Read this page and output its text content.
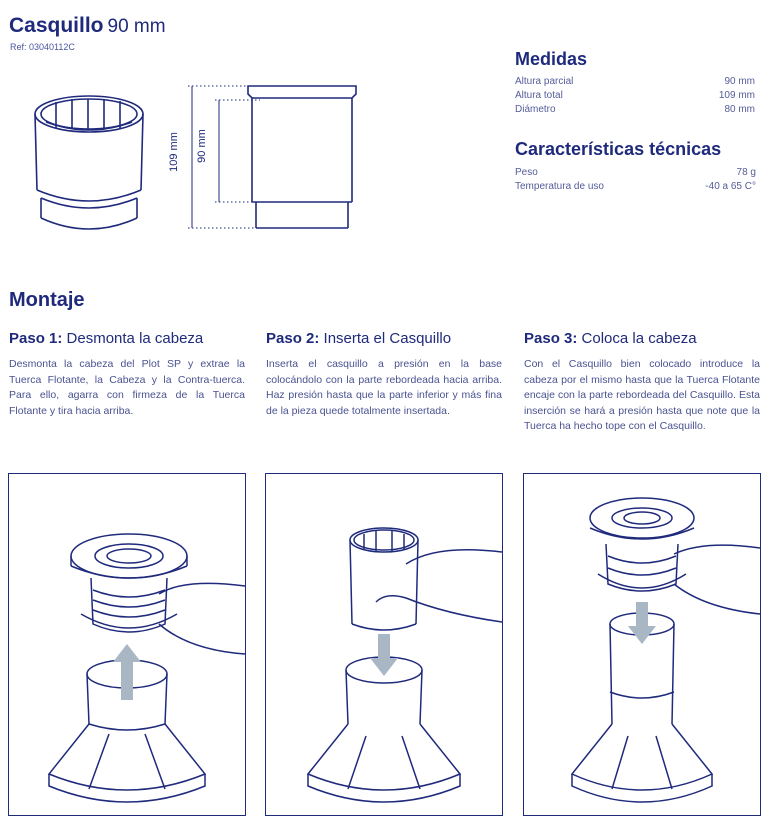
Casquillo 90 mm
Ref: 03040112C
109 mm 90 mm
Medidas
Altura parcial	90 mm
Altura total	109 mm
Diámetro	80 mm
Características técnicas
Peso	78 g
Temperatura de uso	-40 a 65 C°
Montaje
Paso 1: Desmonta la cabeza
Desmonta la cabeza del Plot SP y extrae la Tuerca Flotante, la Cabeza y la Contra-tuerca. Para ello, agarra con firmeza de la Tuerca Flotante y tira hacia arriba.
Paso 2: Inserta el Casquillo
Inserta el casquillo a presión en la base colocándolo con la parte rebordeada hacia arriba. Haz presión hasta que la parte inferior y más fina de la pieza quede totalmente insertada.
Paso 3: Coloca la cabeza
Con el Casquillo bien colocado introduce la cabeza por el mismo hasta que la Tuerca Flotante encaje con la parte rebordeada del Casquillo. Esta inserción se hará a presión hasta que note que la Tuerca ha hecho tope con el Casquillo.
